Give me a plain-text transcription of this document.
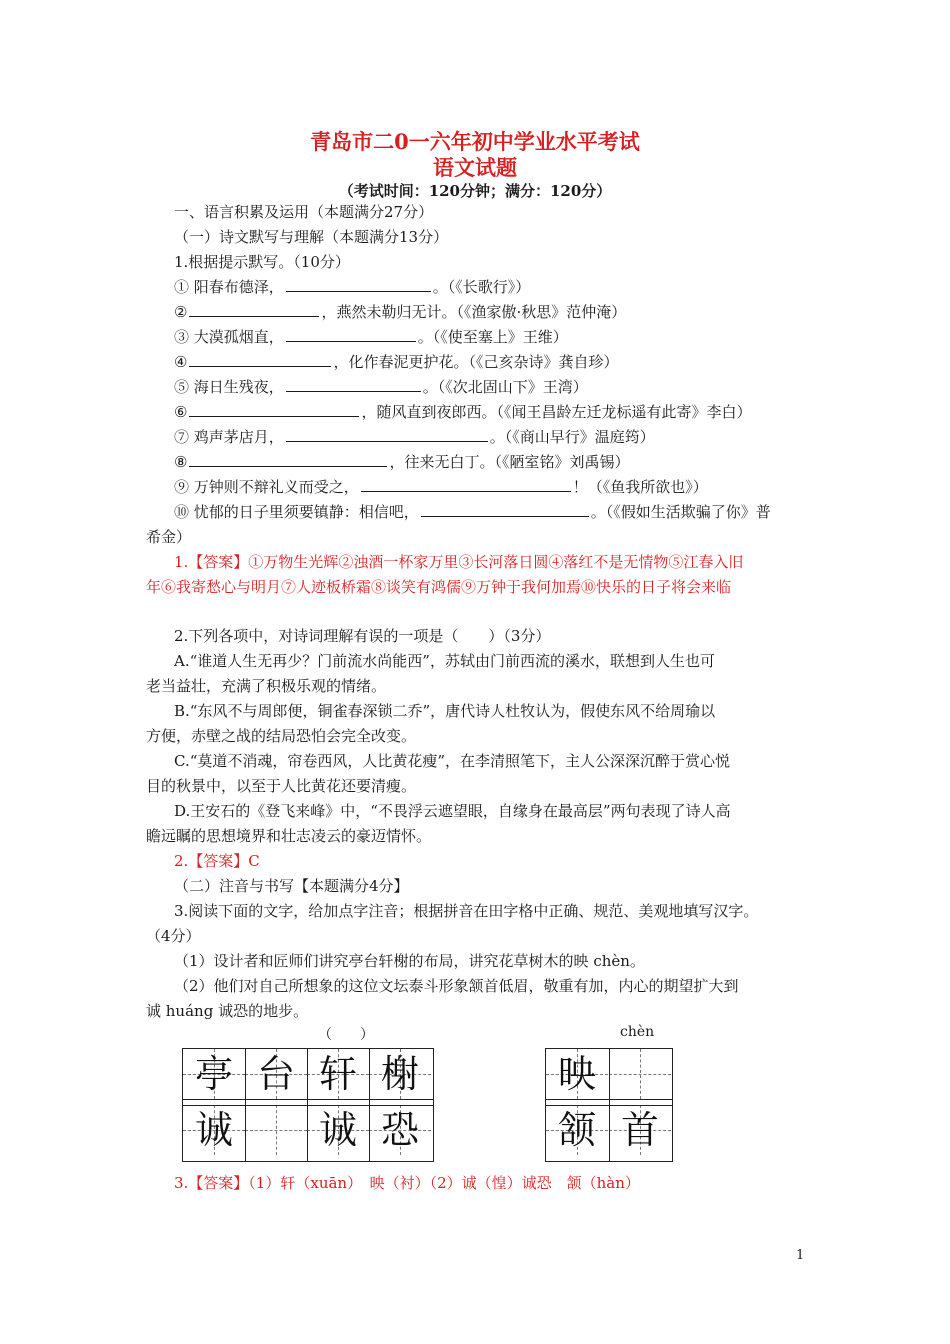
青岛市二0一六年初中学业水平考试
语文试题
（考试时间：120分钟；满分：120分）
一、语言积累及运用（本题满分27分）
（一）诗文默写与理解（本题满分13分）
1.根据提示默写。（10分）
① 阳春布德泽，	。（《长歌行》）
②	，燕然未勒归无计。（《渔家傲·秋思》范仲淹）
③ 大漠孤烟直，	。（《使至塞上》王维）
④	，化作春泥更护花。（《己亥杂诗》龚自珍）
⑤ 海日生残夜，	。（《次北固山下》王湾）
⑥	，随风直到夜郎西。（《闻王昌龄左迁龙标遥有此寄》李白）
⑦ 鸡声茅店月，	。（《商山早行》温庭筠）
⑧	，往来无白丁。（《陋室铭》刘禹锡）
⑨ 万钟则不辩礼义而受之，	！（《鱼我所欲也》）
⑩ 忧郁的日子里须要镇静：相信吧，	。（《假如生活欺骗了你》普
希金）
1.【答案】①万物生光辉②浊酒一杯家万里③长河落日圆④落红不是无情物⑤江春入旧
年⑥我寄愁心与明月⑦人迹板桥霜⑧谈笑有鸿儒⑨万钟于我何加焉⑩快乐的日子将会来临
2.下列各项中，对诗词理解有误的一项是（　　）（3分）
A.“谁道人生无再少？门前流水尚能西”，苏轼由门前西流的溪水，联想到人生也可
老当益壮，充满了积极乐观的情绪。
B.“东风不与周郎便，铜雀春深锁二乔”，唐代诗人杜牧认为，假使东风不给周瑜以
方便，赤壁之战的结局恐怕会完全改变。
C.“莫道不消魂，帘卷西风，人比黄花瘦”，在李清照笔下，主人公深深沉醉于赏心悦
目的秋景中，以至于人比黄花还要清瘦。
D.王安石的《登飞来峰》中，“不畏浮云遮望眼，自缘身在最高层”两句表现了诗人高
瞻远瞩的思想境界和壮志凌云的豪迈情怀。
2.【答案】C
（二）注音与书写【本题满分4分】
3.阅读下面的文字，给加点字注音；根据拼音在田字格中正确、规范、美观地填写汉字。
（4分）
（1）设计者和匠师们讲究亭台轩榭的布局，讲究花草树木的映 chèn。
（2）他们对自己所想象的这位文坛泰斗形象颔首低眉，敬重有加，内心的期望扩大到
诚 huáng 诚恐的地步。
（　　）	chèn
亭 台 轩 榭
诚	诚 恐
映
颔 首
3.【答案】（1）轩（xuān）　映（衬）（2）诚（惶）诚恐　颔（hàn）
1
